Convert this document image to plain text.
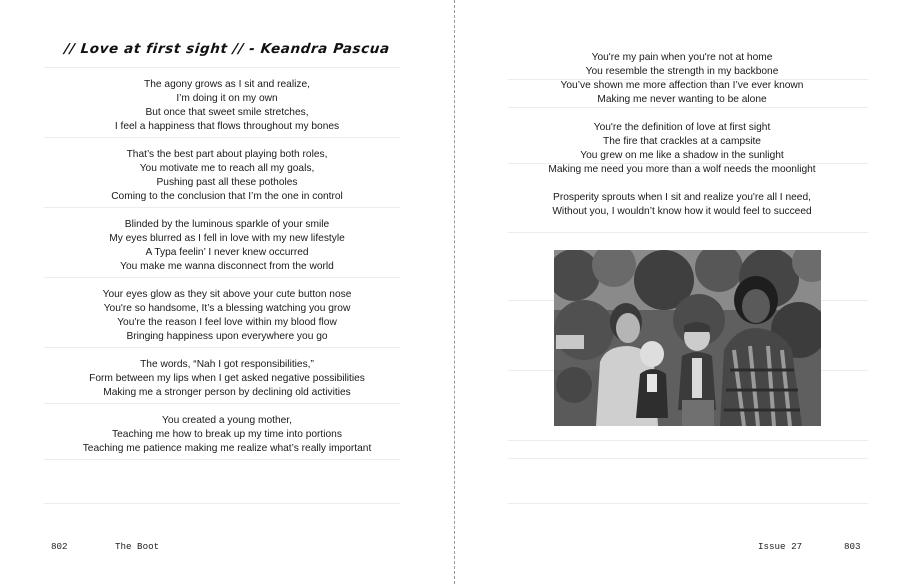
// Love at first sight // - Keandra Pascua
The agony grows as I sit and realize,
I’m doing it on my own
But once that sweet smile stretches,
I feel a happiness that flows throughout my bones
That’s the best part about playing both roles,
You motivate me to reach all my goals,
Pushing past all these potholes
Coming to the conclusion that I’m the one in control
Blinded by the luminous sparkle of your smile
My eyes blurred as I fell in love with my new lifestyle
A Typa feelin’ I never knew occurred
You make me wanna disconnect from the world
Your eyes glow as they sit above your cute button nose
You're so handsome, It’s a blessing watching you grow
You're the reason I feel love within my blood flow
Bringing happiness upon everywhere you go
The words, “Nah I got responsibilities,”
Form between my lips when I get asked negative possibilities
Making me a stronger person by declining old activities
You created a young mother,
Teaching me how to break up my time into portions
Teaching me patience making me realize what’s really important
802	The Boot
You're my pain when you're not at home
You resemble the strength in my backbone
You’ve shown me more affection than I’ve ever known
Making me never wanting to be alone
You're the definition of love at first sight
The fire that crackles at a campsite
You grew on me like a shadow in the sunlight
Making me need you more than a wolf needs the moonlight
Prosperity sprouts when I sit and realize you're all I need,
Without you, I wouldn’t know how it would feel to succeed
Issue 27	803
